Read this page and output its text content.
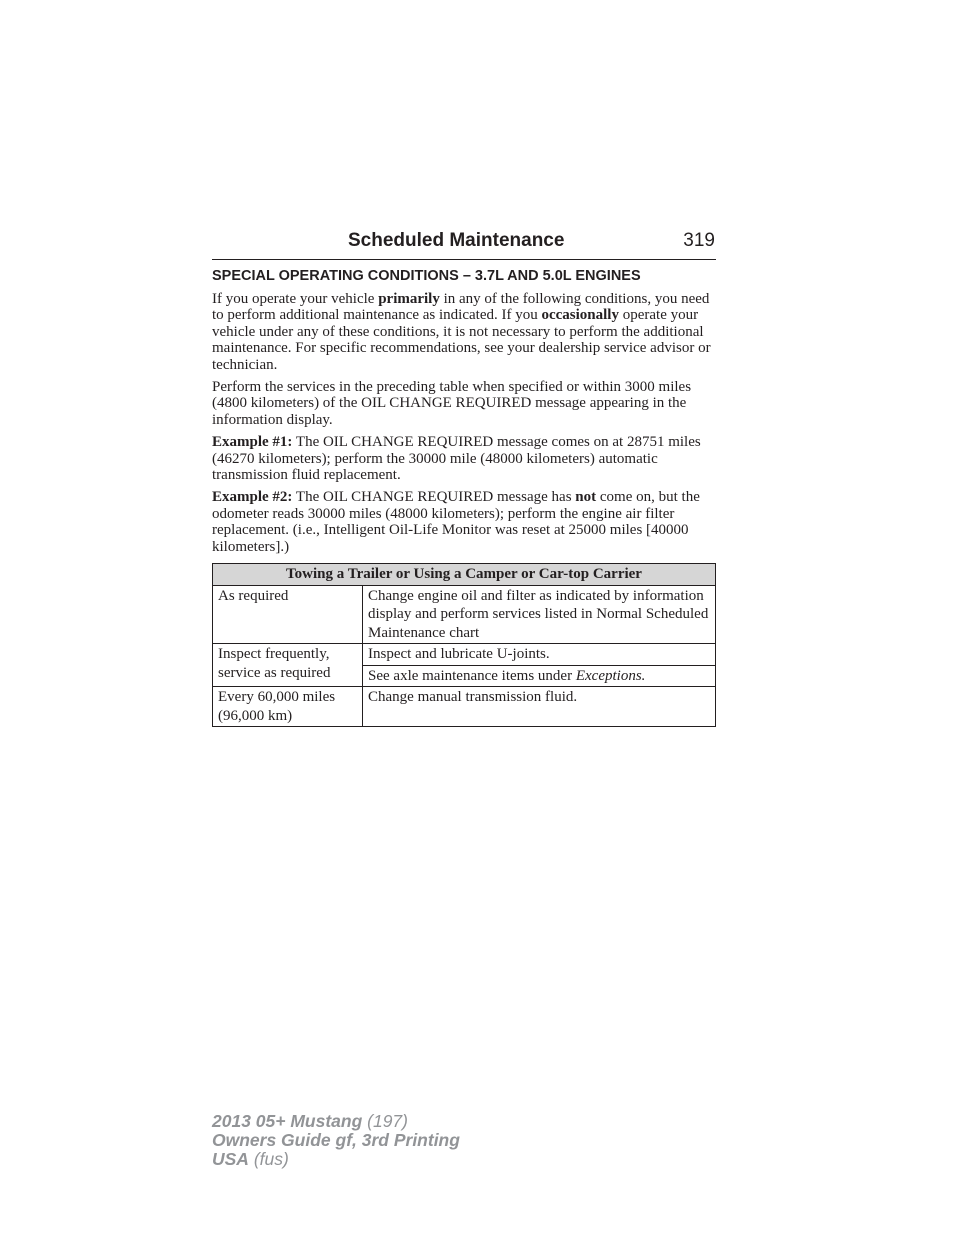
Scheduled Maintenance	319
SPECIAL OPERATING CONDITIONS – 3.7L AND 5.0L ENGINES

If you operate your vehicle primarily in any of the following conditions, you need to perform additional maintenance as indicated. If you occasionally operate your vehicle under any of these conditions, it is not necessary to perform the additional maintenance. For specific recommendations, see your dealership service advisor or technician.

Perform the services in the preceding table when specified or within 3000 miles (4800 kilometers) of the OIL CHANGE REQUIRED message appearing in the information display.

Example #1: The OIL CHANGE REQUIRED message comes on at 28751 miles (46270 kilometers); perform the 30000 mile (48000 kilometers) automatic transmission fluid replacement.

Example #2: The OIL CHANGE REQUIRED message has not come on, but the odometer reads 30000 miles (48000 kilometers); perform the engine air filter replacement. (i.e., Intelligent Oil-Life Monitor was reset at 25000 miles [40000 kilometers].)

Towing a Trailer or Using a Camper or Car-top Carrier	
As required	Change engine oil and filter as indicated by information display and perform services listed in Normal Scheduled Maintenance chart
Inspect frequently, service as required	Inspect and lubricate U-joints.
	See axle maintenance items under Exceptions.
Every 60,000 miles (96,000 km)	Change manual transmission fluid.
2013 05+ Mustang (197)
Owners Guide gf, 3rd Printing
USA (fus)
